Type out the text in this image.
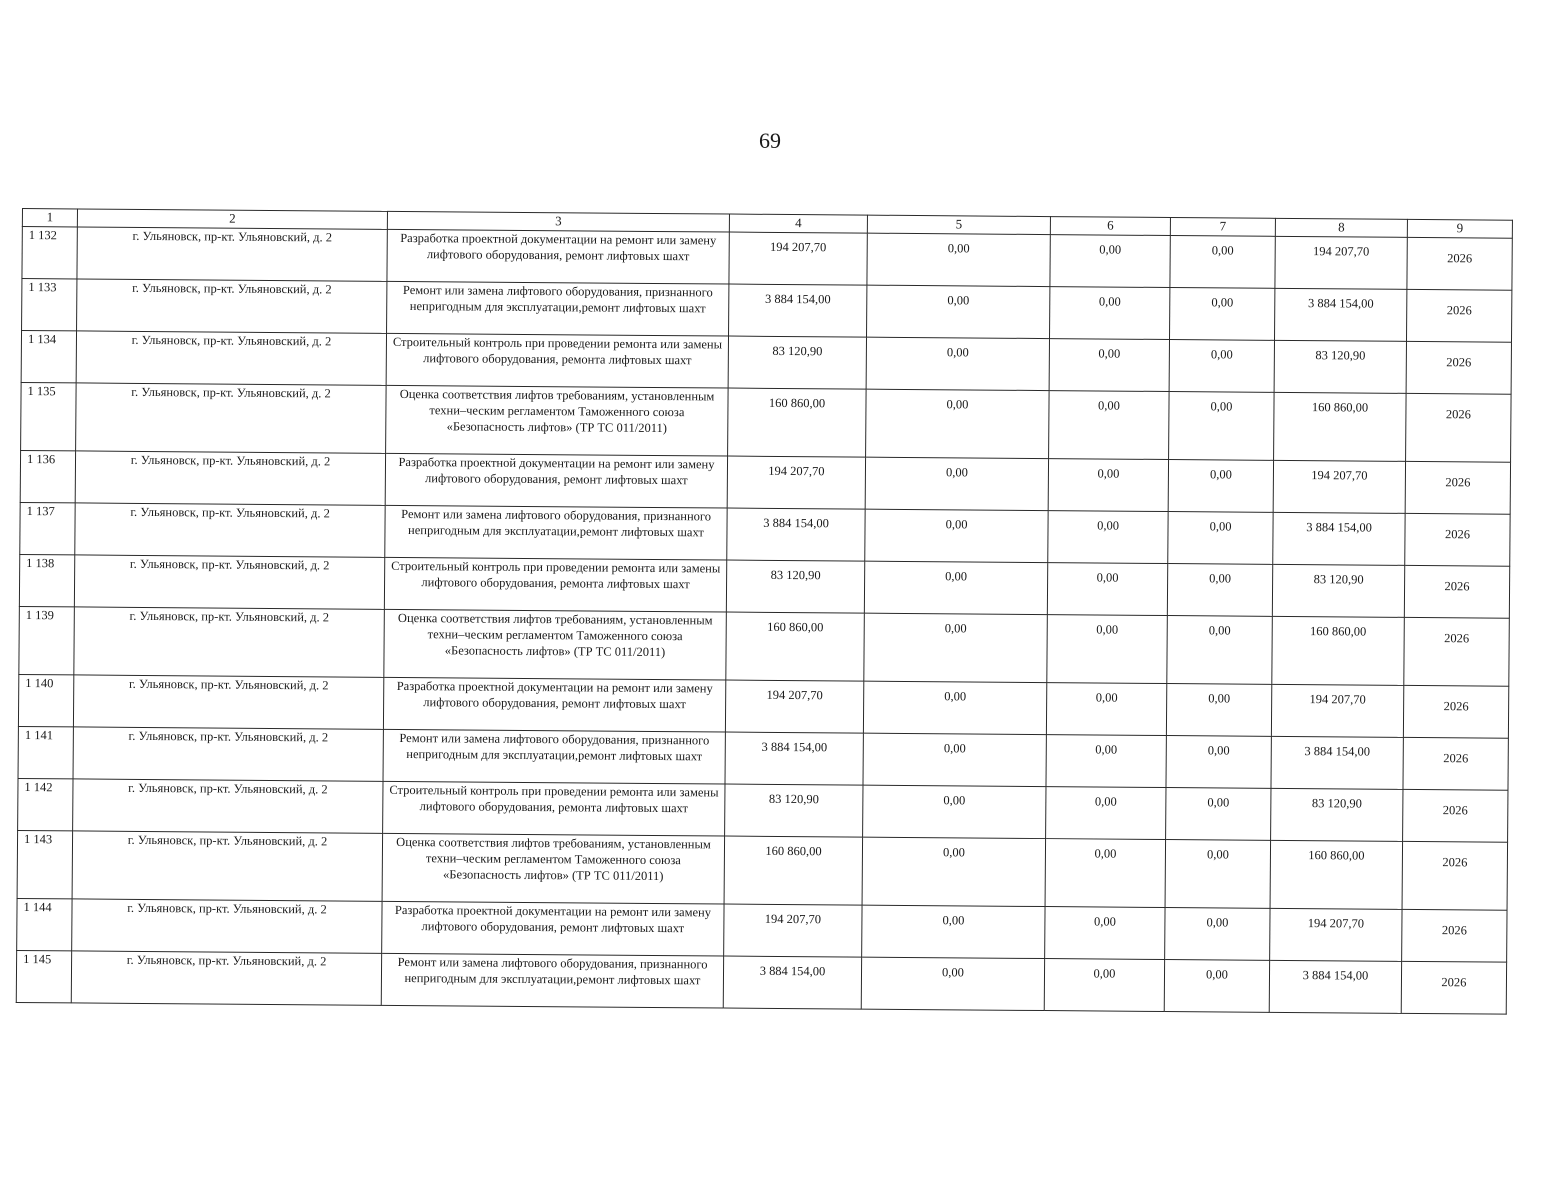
69
1	2	3	4	5	6	7	8	9
1 132	г. Ульяновск, пр-кт. Ульяновский, д. 2	Разработка проектной документации на ремонт или замену лифтового оборудования, ремонт лифтовых шахт	194 207,70	0,00	0,00	0,00	194 207,70	2026
1 133	г. Ульяновск, пр-кт. Ульяновский, д. 2	Ремонт или замена лифтового оборудования, признанного непригодным для эксплуатации,ремонт лифтовых шахт	3 884 154,00	0,00	0,00	0,00	3 884 154,00	2026
1 134	г. Ульяновск, пр-кт. Ульяновский, д. 2	Строительный контроль при проведении ремонта или замены лифтового оборудования, ремонта лифтовых шахт	83 120,90	0,00	0,00	0,00	83 120,90	2026
1 135	г. Ульяновск, пр-кт. Ульяновский, д. 2	Оценка соответствия лифтов требованиям, установленным техни–ческим регламентом Таможенного союза «Безопасность лифтов» (ТР ТС 011/2011)	160 860,00	0,00	0,00	0,00	160 860,00	2026
1 136	г. Ульяновск, пр-кт. Ульяновский, д. 2	Разработка проектной документации на ремонт или замену лифтового оборудования, ремонт лифтовых шахт	194 207,70	0,00	0,00	0,00	194 207,70	2026
1 137	г. Ульяновск, пр-кт. Ульяновский, д. 2	Ремонт или замена лифтового оборудования, признанного непригодным для эксплуатации,ремонт лифтовых шахт	3 884 154,00	0,00	0,00	0,00	3 884 154,00	2026
1 138	г. Ульяновск, пр-кт. Ульяновский, д. 2	Строительный контроль при проведении ремонта или замены лифтового оборудования, ремонта лифтовых шахт	83 120,90	0,00	0,00	0,00	83 120,90	2026
1 139	г. Ульяновск, пр-кт. Ульяновский, д. 2	Оценка соответствия лифтов требованиям, установленным техни–ческим регламентом Таможенного союза «Безопасность лифтов» (ТР ТС 011/2011)	160 860,00	0,00	0,00	0,00	160 860,00	2026
1 140	г. Ульяновск, пр-кт. Ульяновский, д. 2	Разработка проектной документации на ремонт или замену лифтового оборудования, ремонт лифтовых шахт	194 207,70	0,00	0,00	0,00	194 207,70	2026
1 141	г. Ульяновск, пр-кт. Ульяновский, д. 2	Ремонт или замена лифтового оборудования, признанного непригодным для эксплуатации,ремонт лифтовых шахт	3 884 154,00	0,00	0,00	0,00	3 884 154,00	2026
1 142	г. Ульяновск, пр-кт. Ульяновский, д. 2	Строительный контроль при проведении ремонта или замены лифтового оборудования, ремонта лифтовых шахт	83 120,90	0,00	0,00	0,00	83 120,90	2026
1 143	г. Ульяновск, пр-кт. Ульяновский, д. 2	Оценка соответствия лифтов требованиям, установленным техни–ческим регламентом Таможенного союза «Безопасность лифтов» (ТР ТС 011/2011)	160 860,00	0,00	0,00	0,00	160 860,00	2026
1 144	г. Ульяновск, пр-кт. Ульяновский, д. 2	Разработка проектной документации на ремонт или замену лифтового оборудования, ремонт лифтовых шахт	194 207,70	0,00	0,00	0,00	194 207,70	2026
1 145	г. Ульяновск, пр-кт. Ульяновский, д. 2	Ремонт или замена лифтового оборудования, признанного непригодным для эксплуатации,ремонт лифтовых шахт	3 884 154,00	0,00	0,00	0,00	3 884 154,00	2026
